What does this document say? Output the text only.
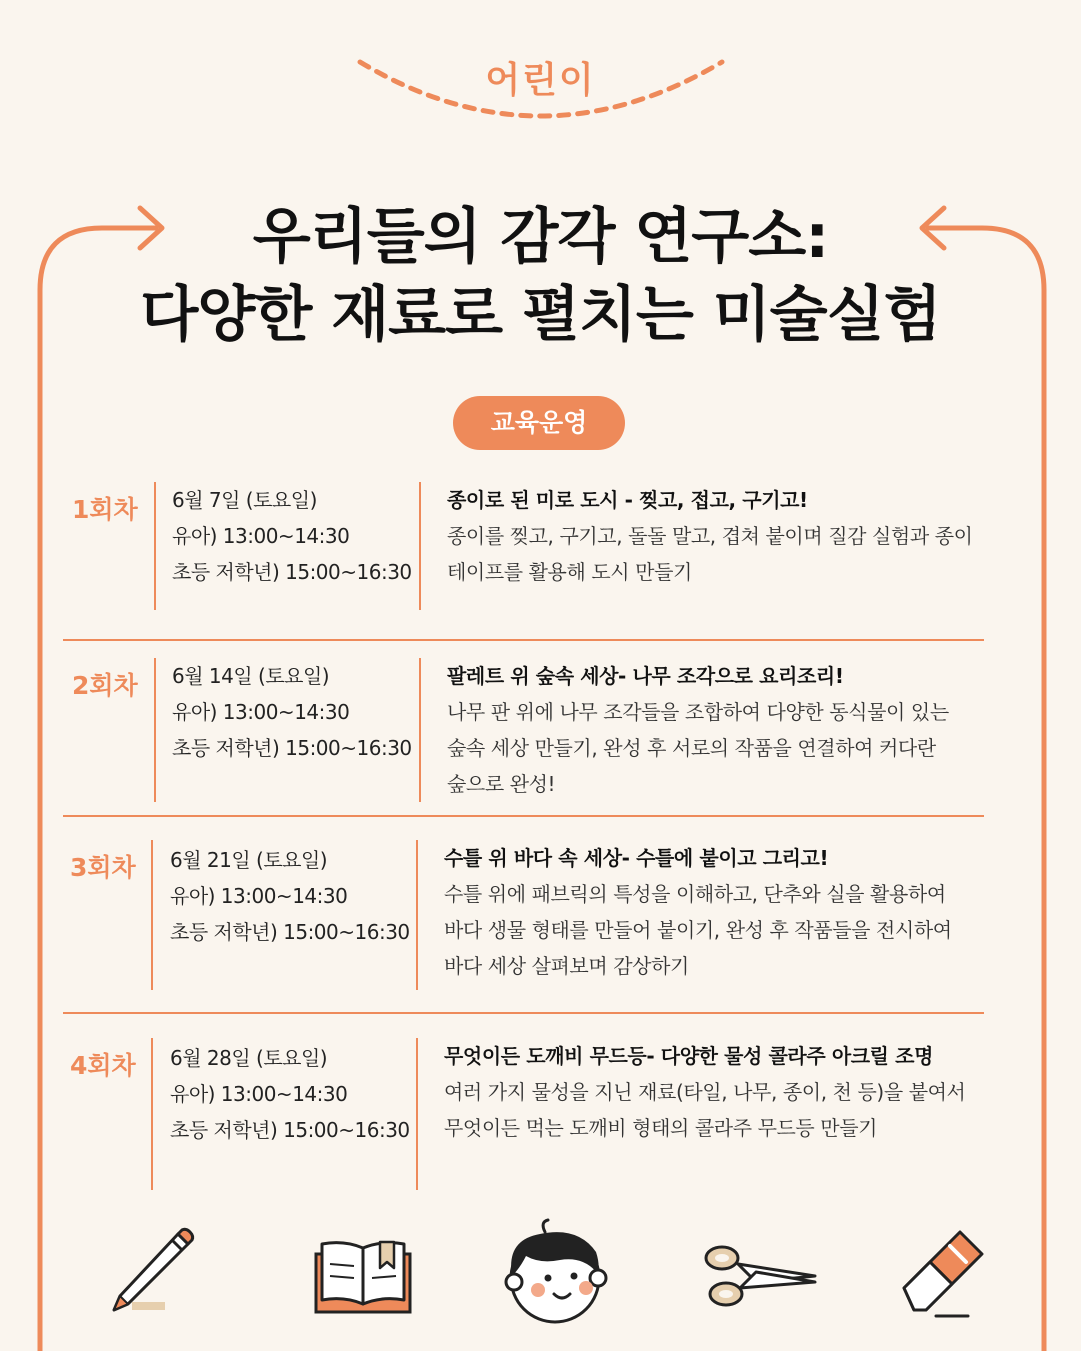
어린이
우리들의 감각 연구소:
다양한 재료로 펼치는 미술실험
교육운영
1회차	6월 7일 (토요일)
유아) 13:00~14:30
초등 저학년) 15:00~16:30
종이로 된 미로 도시 - 찢고, 접고, 구기고!
종이를 찢고, 구기고, 돌돌 말고, 겹쳐 붙이며 질감 실험과 종이
테이프를 활용해 도시 만들기
2회차	6월 14일 (토요일)
유아) 13:00~14:30
초등 저학년) 15:00~16:30
팔레트 위 숲속 세상- 나무 조각으로 요리조리!
나무 판 위에 나무 조각들을 조합하여 다양한 동식물이 있는
숲속 세상 만들기, 완성 후 서로의 작품을 연결하여 커다란
숲으로 완성!
3회차	6월 21일 (토요일)
유아) 13:00~14:30
초등 저학년) 15:00~16:30
수틀 위 바다 속 세상- 수틀에 붙이고 그리고!
수틀 위에 패브릭의 특성을 이해하고, 단추와 실을 활용하여
바다 생물 형태를 만들어 붙이기, 완성 후 작품들을 전시하여
바다 세상 살펴보며 감상하기
4회차	6월 28일 (토요일)
유아) 13:00~14:30
초등 저학년) 15:00~16:30
무엇이든 도깨비 무드등- 다양한 물성 콜라주 아크릴 조명
여러 가지 물성을 지닌 재료(타일, 나무, 종이, 천 등)을 붙여서
무엇이든 먹는 도깨비 형태의 콜라주 무드등 만들기
